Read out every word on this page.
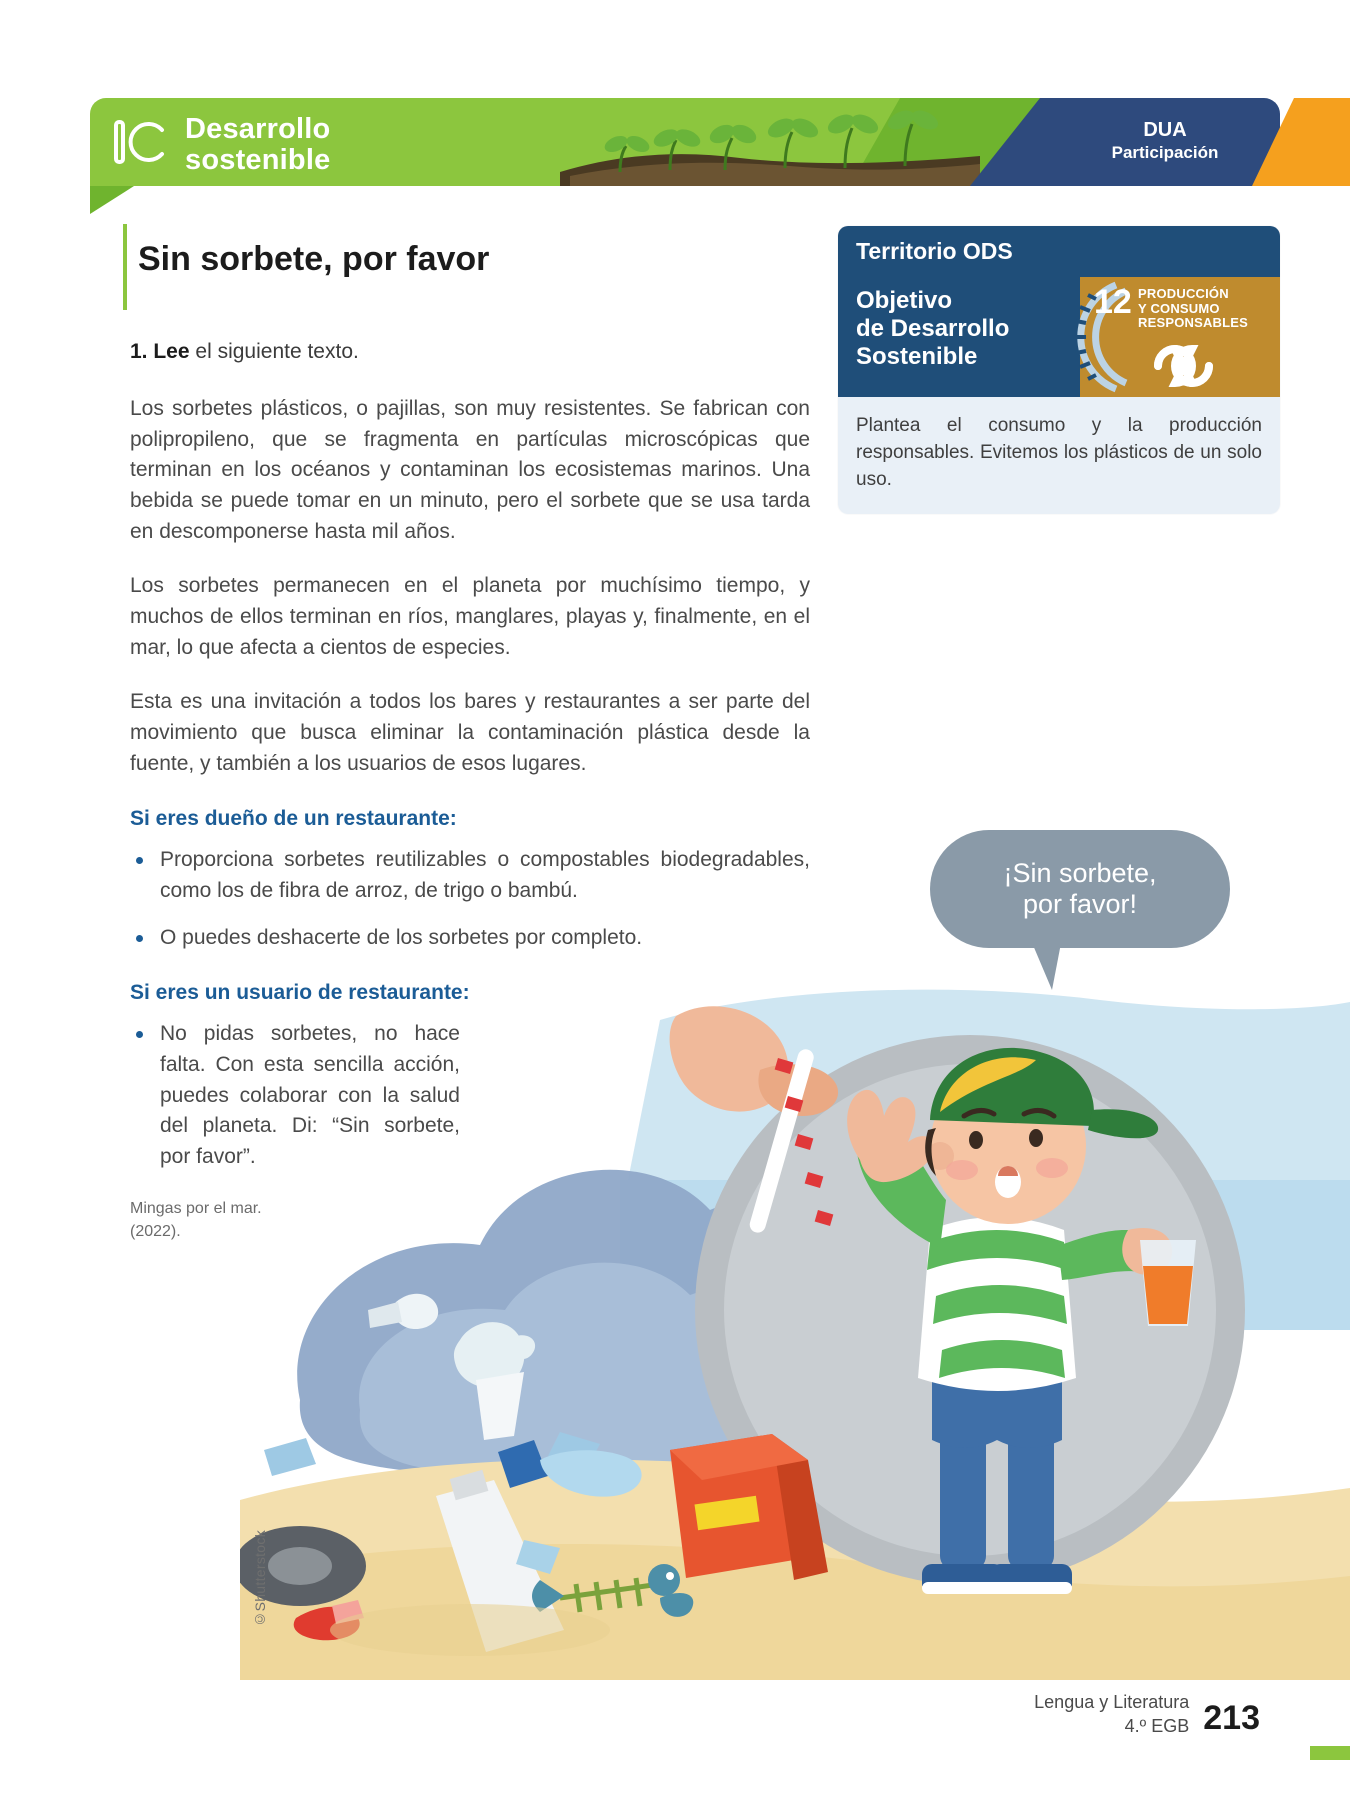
Desarrollo
sostenible
DUA
Participación
Sin sorbete, por favor
1. Lee el siguiente texto.

Los sorbetes plásticos, o pajillas, son muy resistentes. Se fabrican con polipropileno, que se fragmenta en partículas microscópicas que terminan en los océanos y contaminan los ecosistemas marinos. Una bebida se puede tomar en un minuto, pero el sorbete que se usa tarda en descomponerse hasta mil años.

Los sorbetes permanecen en el planeta por muchísimo tiempo, y muchos de ellos terminan en ríos, manglares, playas y, finalmente, en el mar, lo que afecta a cientos de especies.

Esta es una invitación a todos los bares y restaurantes a ser parte del movimiento que busca eliminar la contaminación plástica desde la fuente, y también a los usuarios de esos lugares.

Si eres dueño de un restaurante:
Proporciona sorbetes reutilizables o compostables biodegradables, como los de fibra de arroz, de trigo o bambú.
O puedes deshacerte de los sorbetes por completo.
Si eres un usuario de restaurante:
No pidas sorbetes, no hace falta. Con esta sencilla acción, puedes colaborar con la salud del planeta. Di: “Sin sorbete, por favor”.
Mingas por el mar.
(2022).
Territorio ODS
Objetivo
de Desarrollo
Sostenible
12 PRODUCCIÓN
Y CONSUMO
RESPONSABLES
Plantea el consumo y la producción responsables. Evitemos los plásticos de un solo uso.
¡Sin sorbete,
por favor!
©Shutterstock
Lengua y Literatura
4.º EGB 213
